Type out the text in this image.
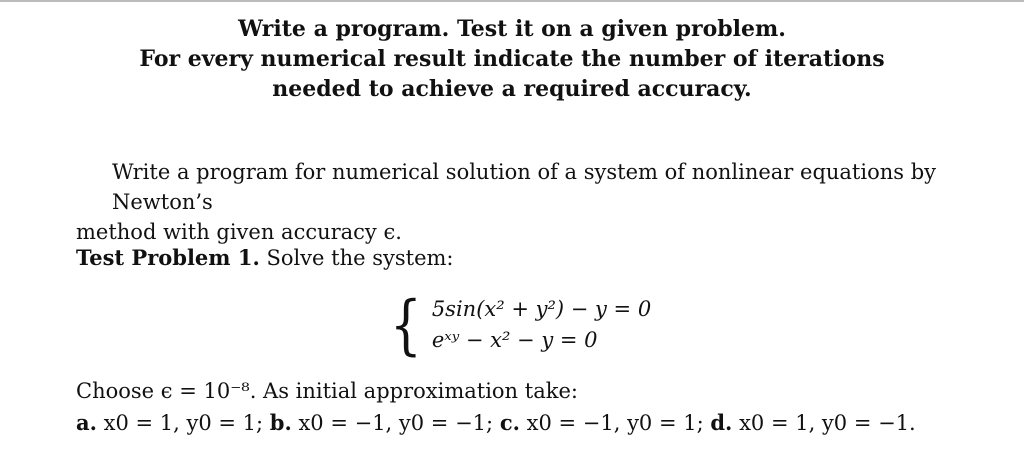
Write a program. Test it on a given problem.
For every numerical result indicate the number of iterations
needed to achieve a required accuracy.
Write a program for numerical solution of a system of nonlinear equations by Newton’s
method with given accuracy ϵ.
Test Problem 1. Solve the system:
{ 5sin(x² + y²) − y = 0
eˣʸ − x² − y = 0
Choose ϵ = 10⁻⁸. As initial approximation take:
a. x0 = 1, y0 = 1; b. x0 = −1, y0 = −1; c. x0 = −1, y0 = 1; d. x0 = 1, y0 = −1.
